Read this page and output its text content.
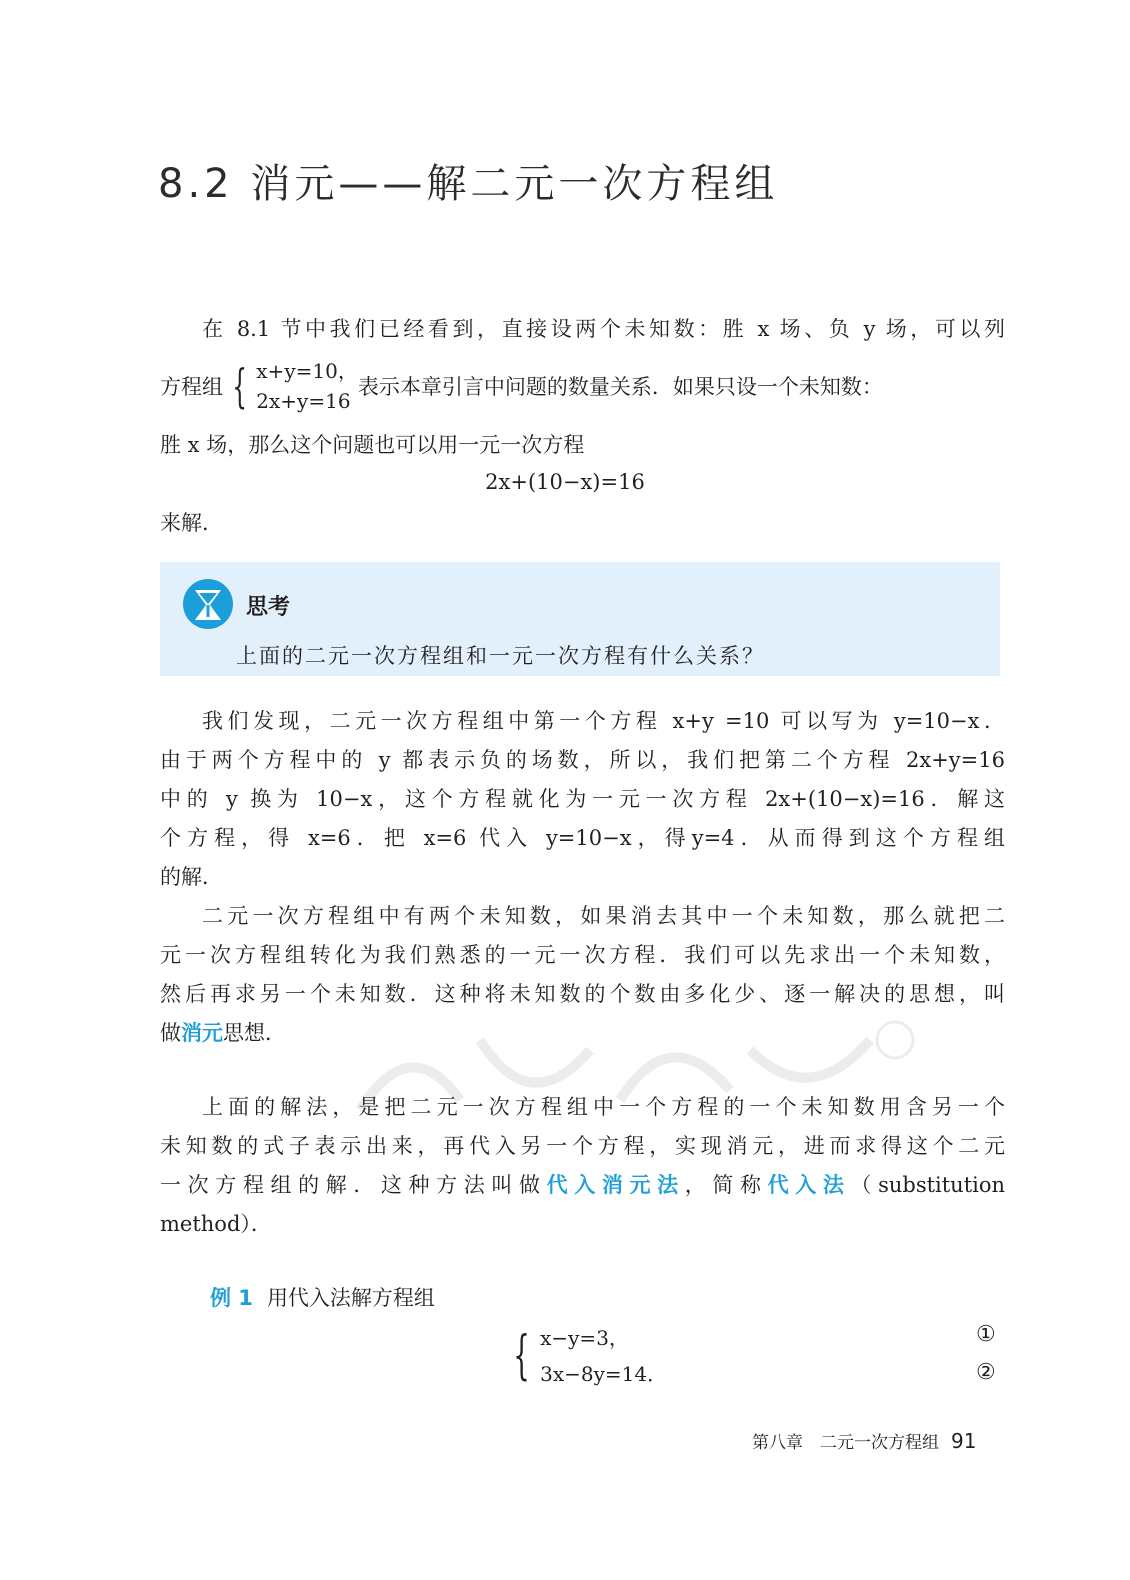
8.2 消元——解二元一次方程组
在 8.1 节中我们已经看到，直接设两个未知数：胜 x 场、负 y 场，可以列
方程组 { x+y=10，
2x+y=16
表示本章引言中问题的数量关系．如果只设一个未知数：
胜 x 场，那么这个问题也可以用一元一次方程
2x+(10−x)=16
来解．
思考
上面的二元一次方程组和一元一次方程有什么关系？
我们发现，二元一次方程组中第一个方程 x+y =10 可以写为 y=10−x．
由于两个方程中的 y 都表示负的场数，所以，我们把第二个方程 2x+y=16
中的 y 换为 10−x，这个方程就化为一元一次方程 2x+(10−x)=16．解这
个方程，得 x=6．把 x=6 代入 y=10−x，得y=4．从而得到这个方程组
的解．
二元一次方程组中有两个未知数，如果消去其中一个未知数，那么就把二
元一次方程组转化为我们熟悉的一元一次方程．我们可以先求出一个未知数，
然后再求另一个未知数．这种将未知数的个数由多化少、逐一解决的思想，叫
做消元思想．
上面的解法，是把二元一次方程组中一个方程的一个未知数用含另一个
未知数的式子表示出来，再代入另一个方程，实现消元，进而求得这个二元
一次方程组的解．这种方法叫做代入消元法，简称代入法（substitution
method）．
例 1 用代入法解方程组
{ x−y=3，
3x−8y=14．
①
②
第八章　二元一次方程组 91
